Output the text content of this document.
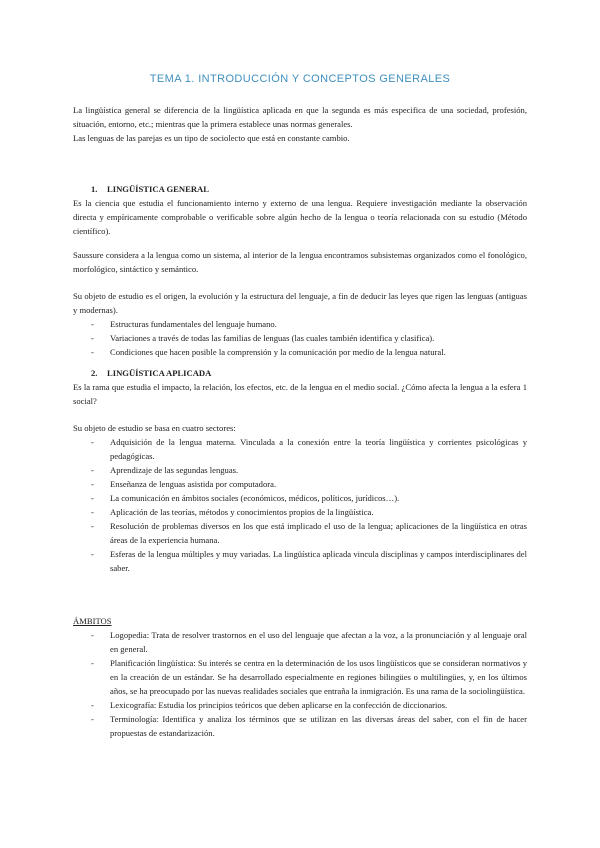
TEMA 1. INTRODUCCIÓN Y CONCEPTOS GENERALES

La lingüística general se diferencia de la lingüística aplicada en que la segunda es más especifica de una sociedad, profesión, situación, entorno, etc.; mientras que la primera establece unas normas generales.

Las lenguas de las parejas es un tipo de sociolecto que está en constante cambio.

1. LINGÜÍSTICA GENERAL

Es la ciencia que estudia el funcionamiento interno y externo de una lengua. Requiere investigación mediante la observación directa y empíricamente comprobable o verificable sobre algún hecho de la lengua o teoría relacionada con su estudio (Método científico).

Saussure considera a la lengua como un sistema, al interior de la lengua encontramos subsistemas organizados como el fonológico, morfológico, sintáctico y semántico.

Su objeto de estudio es el origen, la evolución y la estructura del lenguaje, a fin de deducir las leyes que rigen las lenguas (antiguas y modernas).

- Estructuras fundamentales del lenguaje humano.
- Variaciones a través de todas las familias de lenguas (las cuales también identifica y clasifica).
- Condiciones que hacen posible la comprensión y la comunicación por medio de la lengua natural.
2. LINGÜÍSTICA APLICADA

Es la rama que estudia el impacto, la relación, los efectos, etc. de la lengua en el medio social. ¿Cómo afecta la lengua a la esfera 1 social?

Su objeto de estudio se basa en cuatro sectores:

- Adquisición de la lengua materna. Vinculada a la conexión entre la teoría lingüística y corrientes psicológicas y pedagógicas.
- Aprendizaje de las segundas lenguas.
- Enseñanza de lenguas asistida por computadora.
- La comunicación en ámbitos sociales (económicos, médicos, políticos, jurídicos…).
- Aplicación de las teorías, métodos y conocimientos propios de la lingüística.
- Resolución de problemas diversos en los que está implicado el uso de la lengua; aplicaciones de la lingüística en otras áreas de la experiencia humana.
- Esferas de la lengua múltiples y muy variadas. La lingüística aplicada vincula disciplinas y campos interdisciplinares del saber.

ÁMBITOS

- Logopedia: Trata de resolver trastornos en el uso del lenguaje que afectan a la voz, a la pronunciación y al lenguaje oral en general.
- Planificación lingüística: Su interés se centra en la determinación de los usos lingüísticos que se consideran normativos y en la creación de un estándar. Se ha desarrollado especialmente en regiones bilingües o multilingües, y, en los últimos años, se ha preocupado por las nuevas realidades sociales que entraña la inmigración. Es una rama de la sociolingüística.
- Lexicografía: Estudia los principios teóricos que deben aplicarse en la confección de diccionarios.
- Terminología: Identifica y analiza los términos que se utilizan en las diversas áreas del saber, con el fin de hacer propuestas de estandarización.
